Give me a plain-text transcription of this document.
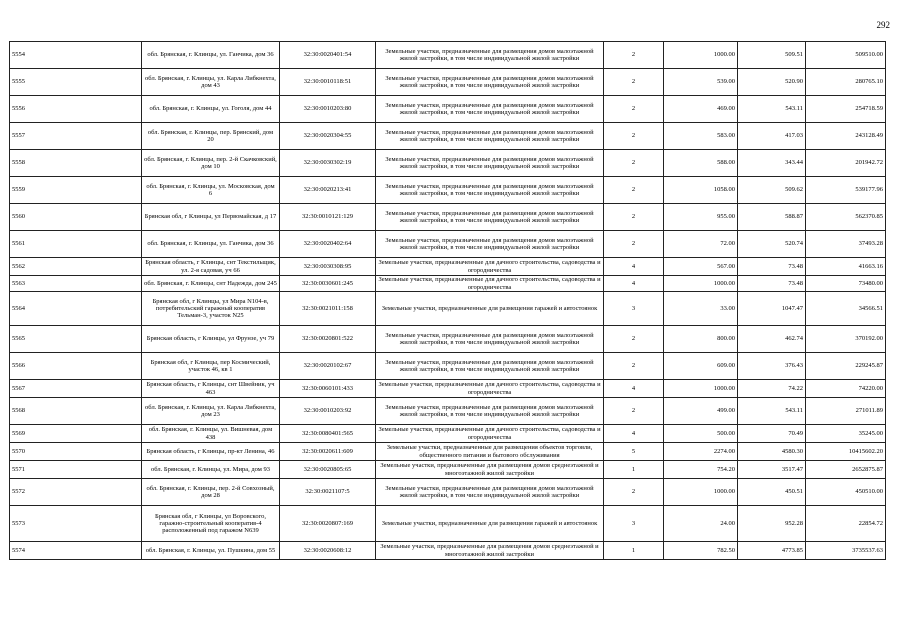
292
5554	обл. Брянская, г. Клинцы, ул. Ганчика, дом 36	32:30:0020401:54	Земельные участки, предназначенные для размещения домов малоэтажной жилой застройки, в том числе индивидуальной жилой застройки	2	1000.00	509.51	509510.00
5555	обл. Брянская, г. Клинцы, ул. Карла Либкнехта, дом 43	32:30:0010118:51	Земельные участки, предназначенные для размещения домов малоэтажной жилой застройки, в том числе индивидуальной жилой застройки	2	539.00	520.90	280765.10
5556	обл. Брянская, г. Клинцы, ул. Гоголя, дом 44	32:30:0010203:80	Земельные участки, предназначенные для размещения домов малоэтажной жилой застройки, в том числе индивидуальной жилой застройки	2	469.00	543.11	254718.59
5557	обл. Брянская, г. Клинцы, пер. Брянский, дом 20	32:30:0020304:55	Земельные участки, предназначенные для размещения домов малоэтажной жилой застройки, в том числе индивидуальной жилой застройки	2	583.00	417.03	243128.49
5558	обл. Брянская, г. Клинцы, пер. 2-й Скачковский, дом 10	32:30:0030302:19	Земельные участки, предназначенные для размещения домов малоэтажной жилой застройки, в том числе индивидуальной жилой застройки	2	588.00	343.44	201942.72
5559	обл. Брянская, г. Клинцы, ул. Московская, дом 6	32:30:0020213:41	Земельные участки, предназначенные для размещения домов малоэтажной жилой застройки, в том числе индивидуальной жилой застройки	2	1058.00	509.62	539177.96
5560	Брянская обл, г Клинцы, ул Первомайская, д 17	32:30:0010121:129	Земельные участки, предназначенные для размещения домов малоэтажной жилой застройки, в том числе индивидуальной жилой застройки	2	955.00	588.87	562370.85
5561	обл. Брянская, г. Клинцы, ул. Ганчика, дом 36	32:30:0020402:64	Земельные участки, предназначенные для размещения домов малоэтажной жилой застройки, в том числе индивидуальной жилой застройки	2	72.00	520.74	37493.28
5562	Брянская область, г Клинцы, снт Текстильщик, ул. 2-я садовая, уч 66	32:30:0030308:95	Земельные участки, предназначенные для дачного строительства, садоводства и огородничества	4	567.00	73.48	41663.16
5563	обл. Брянская, г. Клинцы, снт Надежда, дом 245	32:30:0030601:245	Земельные участки, предназначенные для дачного строительства, садоводства и огородничества	4	1000.00	73.48	73480.00
5564	Брянская обл, г Клинцы, ул Мира N104-в, потребительский гаражный кооператив Тельман-3, участок N25	32:30:0021011:158	Земельные участки, предназначенные для размещения гаражей и автостоянок	3	33.00	1047.47	34566.51
5565	Брянская область, г Клинцы, ул Фрунзе, уч 79	32:30:0020801:522	Земельные участки, предназначенные для размещения домов малоэтажной жилой застройки, в том числе индивидуальной жилой застройки	2	800.00	462.74	370192.00
5566	Брянская обл, г Клинцы, пер Космический, участок 46, кв 1	32:30:0020102:67	Земельные участки, предназначенные для размещения домов малоэтажной жилой застройки, в том числе индивидуальной жилой застройки	2	609.00	376.43	229245.87
5567	Брянская область, г Клинцы, снт Швейник, уч 463	32:30:0060101:433	Земельные участки, предназначенные для дачного строительства, садоводства и огородничества	4	1000.00	74.22	74220.00
5568	обл. Брянская, г. Клинцы, ул. Карла Либкнехта, дом 23	32:30:0010203:92	Земельные участки, предназначенные для размещения домов малоэтажной жилой застройки, в том числе индивидуальной жилой застройки	2	499.00	543.11	271011.89
5569	обл. Брянская, г. Клинцы, ул. Вишневая, дом 438	32:30:0080401:565	Земельные участки, предназначенные для дачного строительства, садоводства и огородничества	4	500.00	70.49	35245.00
5570	Брянская область, г Клинцы, пр-кт Ленина, 46	32:30:0020611:609	Земельные участки, предназначенные для размещения объектов торговли, общественного питания и бытового обслуживания	5	2274.00	4580.30	10415602.20
5571	обл. Брянская, г. Клинцы, ул. Мира, дом 93	32:30:0020805:65	Земельные участки, предназначенные для размещения домов среднеэтажной и многоэтажной жилой застройки	1	754.20	3517.47	2652875.87
5572	обл. Брянская, г. Клинцы, пер. 2-й Совхозный, дом 28	32:30:0021107:5	Земельные участки, предназначенные для размещения домов малоэтажной жилой застройки, в том числе индивидуальной жилой застройки	2	1000.00	450.51	450510.00
5573	Брянская обл, г Клинцы, ул Воровского, гаражно-строительный кооператив-4 расположенный под гаражом N639	32:30:0020807:169	Земельные участки, предназначенные для размещения гаражей и автостоянок	3	24.00	952.28	22854.72
5574	обл. Брянская, г. Клинцы, ул. Пушкина, дом 55	32:30:0020608:12	Земельные участки, предназначенные для размещения домов среднеэтажной и многоэтажной жилой застройки	1	782.50	4773.85	3735537.63
